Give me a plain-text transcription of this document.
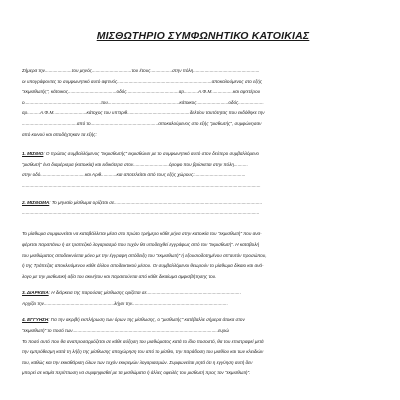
ΜΙΣΘΩΤΗΡΙΟ ΣΥΜΦΩΝΗΤΙΚΟ ΚΑΤΟΙΚΙΑΣ
Σήμερα την.....................του μηνός...............................του έτους.................στην πόλη....................................................
οι υπογράφοντες το συμφωνητικό αυτό αφ'ενός..........................................................................αποκαλούμενος στο εξής
"εκμισθωτής", κάτοικος......................................οδός.........................................αρ...........Α.Φ.Μ.................και αφ'ετέρου
ο............................................................του........................................................κάτοικος.........................οδός....................
αρ..........Α.Φ.Μ..........................κάτοχος του υπ'αριθ.................................................δελτίου ταυτότητας που εκδόθηκε την
...........................................από το.....................................................αποκαλούμενος στο εξής "μισθωτής", συμφώνησαν
από κοινού και αποδέχτηκαν τα εξής:
1. ΜΙΣΘΙΟ: Ο πρώτος συμβαλλόμενος "εκμισθωτής" εκμισθώνει με το συμφωνητικό αυτό στον δεύτερο συμβαλλόμενο
"μισθωτή" ένα διαμέρισμα (κατοικία) και ειδικότερα στον............................όροφο που βρίσκεται στην πόλη...........
στην οδό...................................και Αριθ............και αποτελείται από τους εξής χώρους:........................................
...........................................................................................................................................................................................
2. ΜΙΣΘΩΜΑ: Το μηνιαίο μίσθωμα ορίζεται σε....................................................................................................................
..........................................................................................................................................................................................
Το μίσθωμα συμφωνείται να καταβάλλεται μέσα στο πρώτο τριήμερο κάθε μήνα στην κατοικία του "εκμισθωτή" που ανα-
φέρεται παραπάνω ή σε τραπεζικό λογαριασμό που τυχόν θα υποδειχθεί εγγράφως από τον "εκμισθωτή". Η καταβολή
του μισθώματος αποδεικνύεται μόνο με την έγγραφη απόδειξη του "εκμισθωτή" ή εξουσιοδοτημένου απ'αυτόν προσώπου,
ή της Τράπεζας αποκλειόμενου κάθε άλλου αποδεικτικού μέσου. Οι συμβαλλόμενοι θεωρούν το μίσθωμα δίκαιο και ανά-
λογο με την μισθωτική αξία του ακινήτου και παραιτούνται από κάθε δικαίωμα αμφισβήτησης του.
3. ΔΙΑΡΚΕΙΑ: Η διάρκεια της παρούσας μίσθωσης ορίζεται σε..........................................................................
Αρχίζει την.......................................................λήγει την...........................................................................
4. ΕΓΓΥΗΣΗ: Για την ακριβή εκπλήρωση των όρων της μίσθωσης, ο "μισθωτής" κατέβαλλε σήμερα άτοκα στον
"εκμισθωτή" το ποσό των..................................................................................................................ευρώ
Το ποσό αυτό που θα αναπροσαρμόζεται σε κάθε αύξηση του μισθώματος κατά το ίδιο ποσοστό, θα του επιστραφεί μετά
την εμπρόθεσμη κατά τη λήξη της μίσθωσης αποχώρηση του από το μίσθιο, την παράδοση του μισθίου και των κλειδιών
του, καθώς και την εκκαθάριση όλων των τυχόν εκκρεμών λογαριασμών. Συμφωνείται ρητά ότι η εγγύηση αυτή δεν
μπορεί σε καμία περίπτωση να συμψηφισθεί με τα μισθώματα ή άλλες οφειλές του μισθωτή προς τον "εκμισθωτή".
